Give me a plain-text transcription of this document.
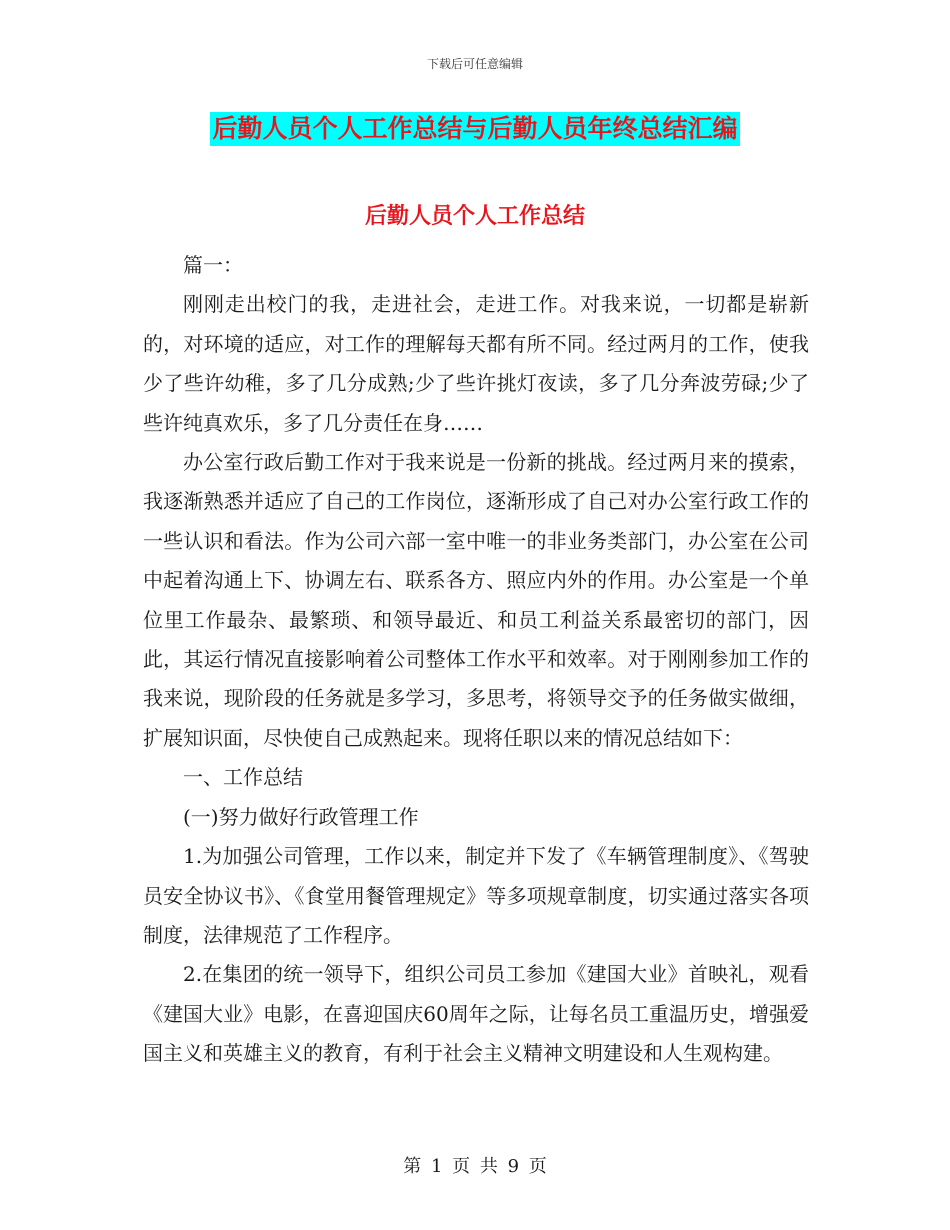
下载后可任意编辑
后勤人员个人工作总结与后勤人员年终总结汇编
后勤人员个人工作总结

篇一：

刚刚走出校门的我，走进社会，走进工作。对我来说，一切都是崭新的，对环境的适应，对工作的理解每天都有所不同。经过两月的工作，使我少了些许幼稚，多了几分成熟;少了些许挑灯夜读，多了几分奔波劳碌;少了些许纯真欢乐，多了几分责任在身……

办公室行政后勤工作对于我来说是一份新的挑战。经过两月来的摸索，我逐渐熟悉并适应了自己的工作岗位，逐渐形成了自己对办公室行政工作的一些认识和看法。作为公司六部一室中唯一的非业务类部门，办公室在公司中起着沟通上下、协调左右、联系各方、照应内外的作用。办公室是一个单位里工作最杂、最繁琐、和领导最近、和员工利益关系最密切的部门，因此，其运行情况直接影响着公司整体工作水平和效率。对于刚刚参加工作的我来说，现阶段的任务就是多学习，多思考，将领导交予的任务做实做细，扩展知识面，尽快使自己成熟起来。现将任职以来的情况总结如下：

一、工作总结

(一)努力做好行政管理工作

1.为加强公司管理，工作以来，制定并下发了《车辆管理制度》、《驾驶员安全协议书》、《食堂用餐管理规定》等多项规章制度，切实通过落实各项制度，法律规范了工作程序。

2.在集团的统一领导下，组织公司员工参加《建国大业》首映礼，观看《建国大业》电影，在喜迎国庆60周年之际，让每名员工重温历史，增强爱国主义和英雄主义的教育，有利于社会主义精神文明建设和人生观构建。

第 1 页 共 9 页
